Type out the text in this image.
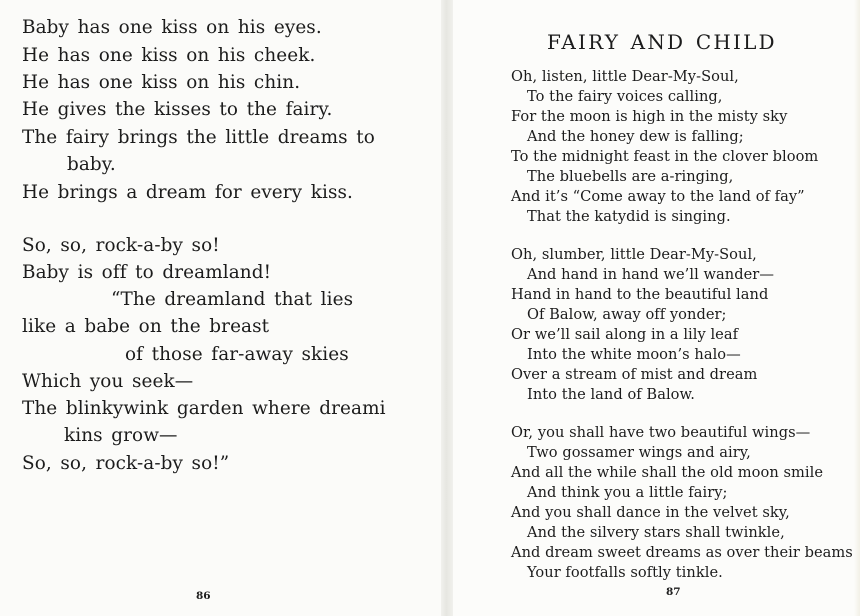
Baby has one kiss on his eyes.
He has one kiss on his cheek.
He has one kiss on his chin.
He gives the kisses to the fairy.
The fairy brings the little dreams to
baby.
He brings a dream for every kiss.
So, so, rock-a-by so!
Baby is off to dreamland!
“The dreamland that lies
like a babe on the breast
of those far-away skies
Which you seek—
The blinkywink garden where dreami
kins grow—
So, so, rock-a-by so!”
86
FAIRY AND CHILD
Oh, listen, little Dear-My-Soul,
To the fairy voices calling,
For the moon is high in the misty sky
And the honey dew is falling;
To the midnight feast in the clover bloom
The bluebells are a-ringing,
And it’s “Come away to the land of fay”
That the katydid is singing.
Oh, slumber, little Dear-My-Soul,
And hand in hand we’ll wander—
Hand in hand to the beautiful land
Of Balow, away off yonder;
Or we’ll sail along in a lily leaf
Into the white moon’s halo—
Over a stream of mist and dream
Into the land of Balow.
Or, you shall have two beautiful wings—
Two gossamer wings and airy,
And all the while shall the old moon smile
And think you a little fairy;
And you shall dance in the velvet sky,
And the silvery stars shall twinkle,
And dream sweet dreams as over their beams
Your footfalls softly tinkle.
87
